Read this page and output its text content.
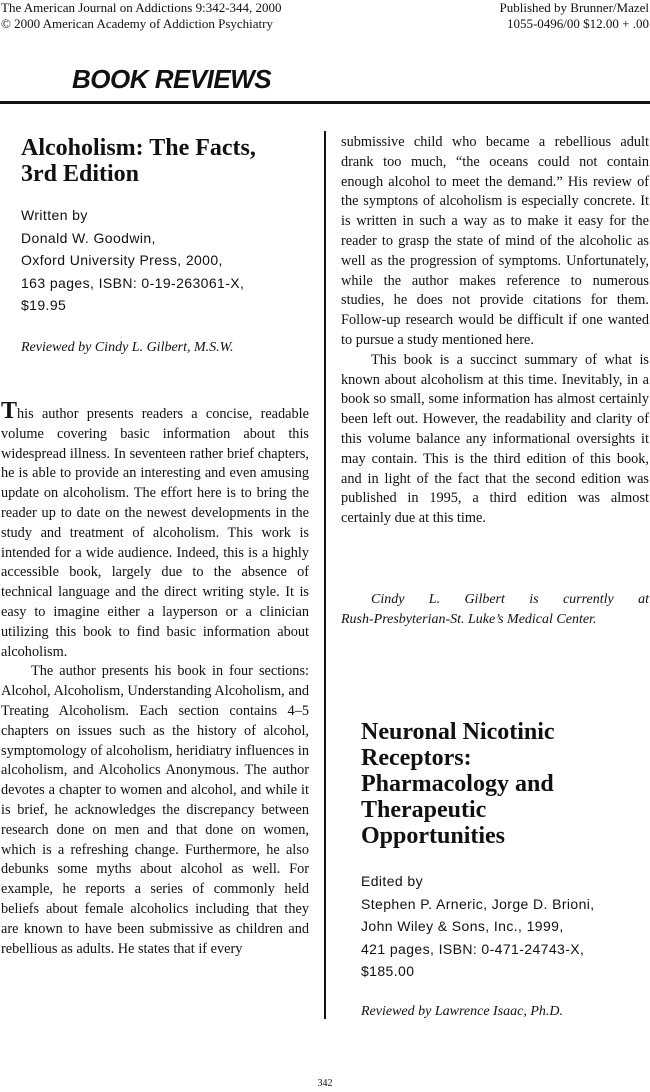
The American Journal on Addictions 9:342-344, 2000
© 2000 American Academy of Addiction Psychiatry
Published by Brunner/Mazel
1055-0496/00 $12.00 + .00
BOOK REVIEWS
Alcoholism: The Facts,
3rd Edition
Written by
Donald W. Goodwin,
Oxford University Press, 2000,
163 pages, ISBN: 0-19-263061-X,
$19.95
Reviewed by Cindy L. Gilbert, M.S.W.

This author presents readers a concise, readable volume covering basic information about this widespread illness. In seventeen rather brief chapters, he is able to provide an interesting and even amusing update on alcoholism. The effort here is to bring the reader up to date on the newest developments in the study and treatment of alcoholism. This work is intended for a wide audience. Indeed, this is a highly accessible book, largely due to the absence of technical language and the direct writing style. It is easy to imagine either a layperson or a clinician utilizing this book to find basic information about alcoholism.

The author presents his book in four sections: Alcohol, Alcoholism, Understanding Alcoholism, and Treating Alcoholism. Each section contains 4–5 chapters on issues such as the history of alcohol, symptomology of alcoholism, heridiatry influences in alcoholism, and Alcoholics Anonymous. The author devotes a chapter to women and alcohol, and while it is brief, he acknowledges the discrepancy between research done on men and that done on women, which is a refreshing change. Furthermore, he also debunks some myths about alcohol as well. For example, he reports a series of commonly held beliefs about female alcoholics including that they are known to have been submissive as children and rebellious as adults. He states that if every

submissive child who became a rebellious adult drank too much, “the oceans could not contain enough alcohol to meet the demand.” His review of the symptons of alcoholism is especially concrete. It is written in such a way as to make it easy for the reader to grasp the state of mind of the alcoholic as well as the progression of symptoms. Unfortunately, while the author makes reference to numerous studies, he does not provide citations for them. Follow-up research would be difficult if one wanted to pursue a study mentioned here.

This book is a succinct summary of what is known about alcoholism at this time. Inevitably, in a book so small, some information has almost certainly been left out. However, the readability and clarity of this volume balance any informational oversights it may contain. This is the third edition of this book, and in light of the fact that the second edition was published in 1995, a third edition was almost certainly due at this time.

Cindy L. Gilbert is currently at
Rush-Presbyterian-St. Luke’s Medical Center.
Neuronal Nicotinic
Receptors:
Pharmacology and
Therapeutic
Opportunities
Edited by
Stephen P. Arneric, Jorge D. Brioni,
John Wiley & Sons, Inc., 1999,
421 pages, ISBN: 0-471-24743-X,
$185.00
Reviewed by Lawrence Isaac, Ph.D.
342
